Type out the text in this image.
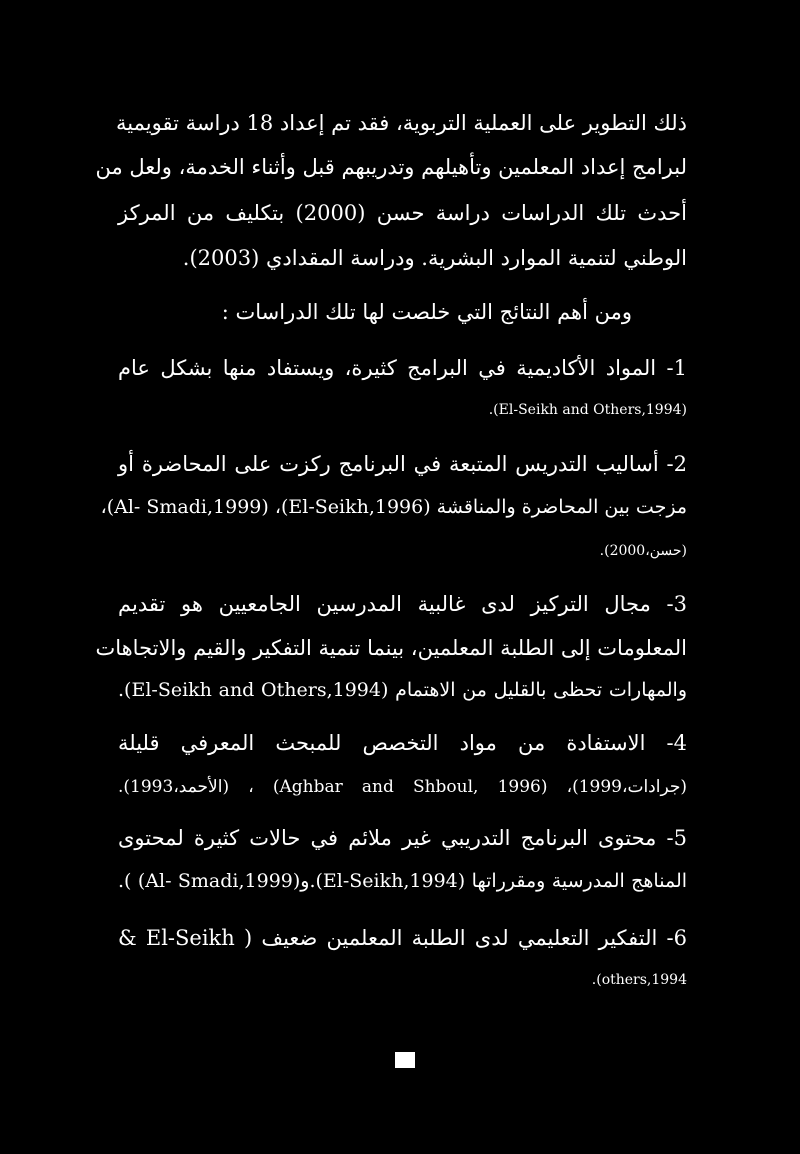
ذلك التطوير على العملية التربوية، فقد تم إعداد 18 دراسة تقويمية
لبرامج إعداد المعلمين وتأهيلهم وتدريبهم قبل وأثناء الخدمة، ولعل من
أحدث تلك الدراسات دراسة حسن (2000) بتكليف من المركز
الوطني لتنمية الموارد البشرية. ودراسة المقدادي (2003).
ومن أهم النتائج التي خلصت لها تلك الدراسات :
1- المواد الأكاديمية في البرامج كثيرة، ويستفاد منها بشكل عام
(El-Seikh and Others,1994).
2- أساليب التدريس المتبعة في البرنامج ركزت على المحاضرة أو
مزجت بين المحاضرة والمناقشة (El-Seikh,1996)، (Al- Smadi,1999)،
(حسن،2000).
3- مجال التركيز لدى غالبية المدرسين الجامعيين هو تقديم
المعلومات إلى الطلبة المعلمين، بينما تنمية التفكير والقيم والاتجاهات
والمهارات تحظى بالقليل من الاهتمام (El-Seikh and Others,1994).
4- الاستفادة من مواد التخصص للمبحث المعرفي قليلة
(جرادات،1999)، (Aghbar and Shboul, 1996) ، (الأحمد،1993).
5- محتوى البرنامج التدريبي غير ملائم في حالات كثيرة لمحتوى
المناهج المدرسية ومقرراتها (El-Seikh,1994).و(Al- Smadi,1999) ).
6- التفكير التعليمي لدى الطلبة المعلمين ضعيف ( El-Seikh &
others,1994).
